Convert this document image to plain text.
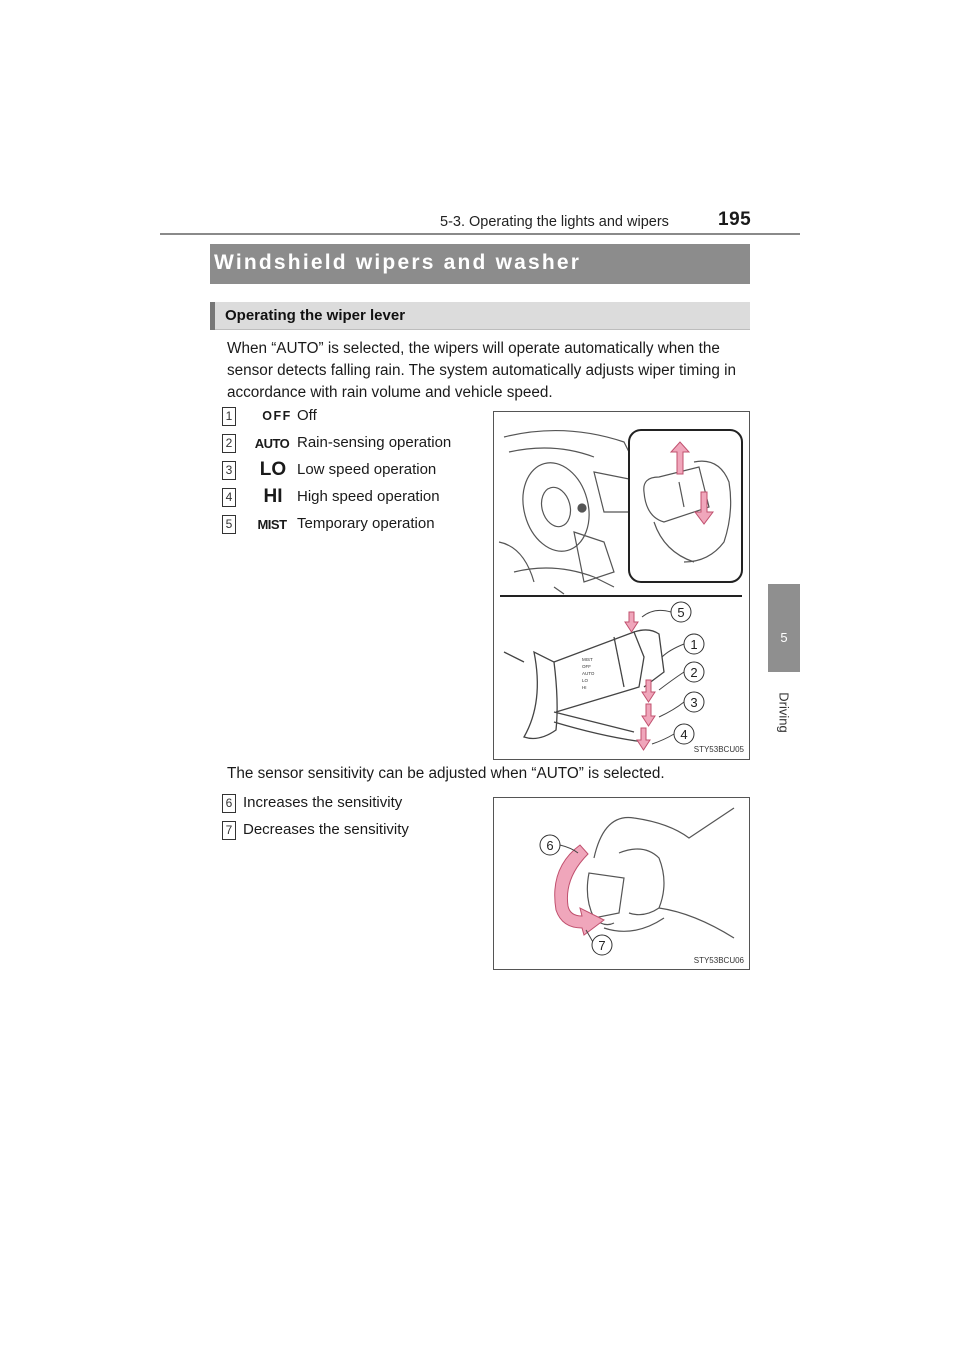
195
5-3. Operating the lights and wipers
5
Driving
Windshield wipers and washer
Operating the wiper lever
When “AUTO” is selected, the wipers will operate automatically when the sensor detects falling rain. The system automatically adjusts wiper timing in accordance with rain volume and vehicle speed.
1	OFF Off
2	AUTO Rain-sensing operation
3	LO Low speed operation
4	HI High speed operation
5	MIST Temporary operation
5
1
2
3
4
MIST
OFF
AUTO
LO
HI
STY53BCU05
The sensor sensitivity can be adjusted when “AUTO” is selected.
6 Increases the sensitivity
7 Decreases the sensitivity
6
7
STY53BCU06
